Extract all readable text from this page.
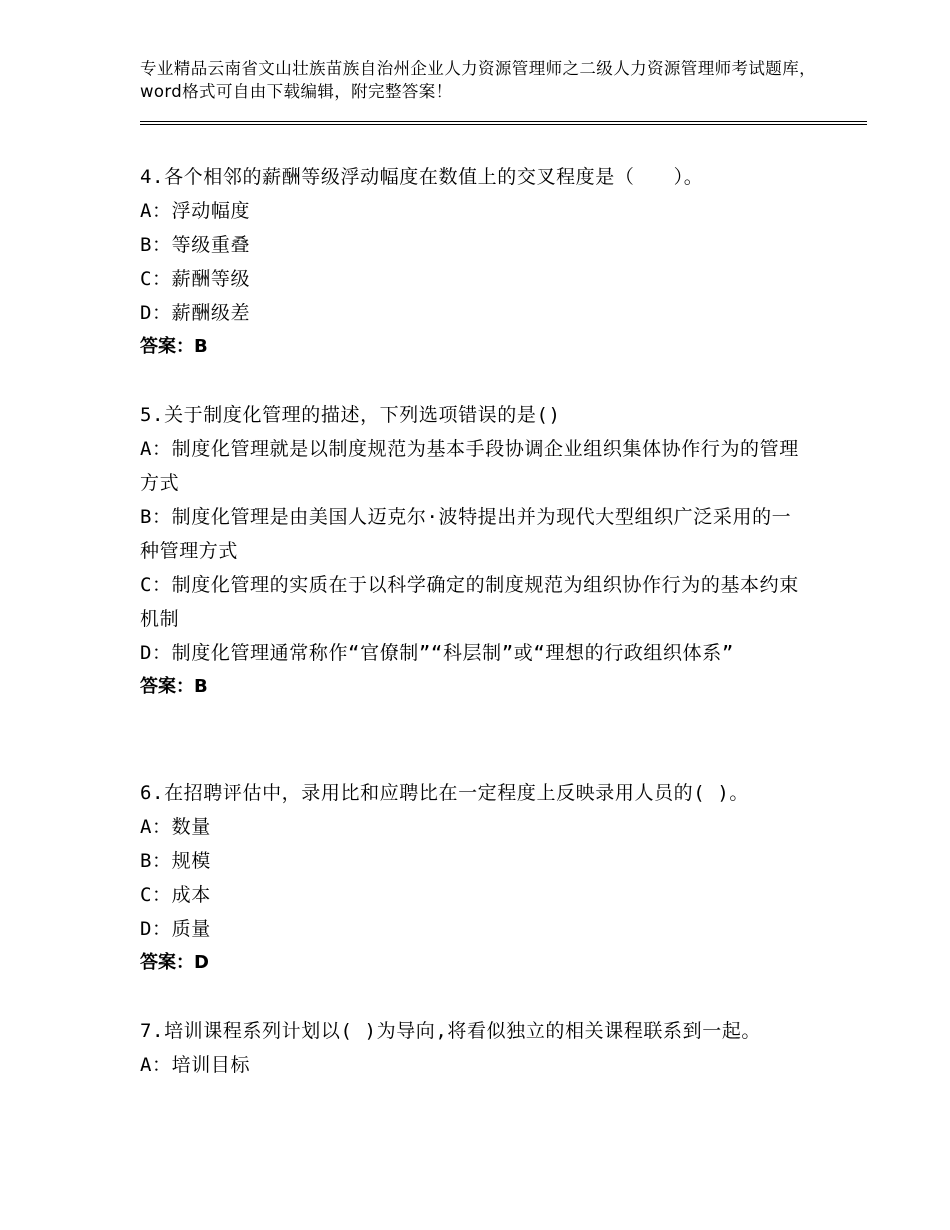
专业精品云南省文山壮族苗族自治州企业人力资源管理师之二级人力资源管理师考试题库，word格式可自由下载编辑，附完整答案！
4.各个相邻的薪酬等级浮动幅度在数值上的交叉程度是（　　）。
A：浮动幅度
B：等级重叠
C：薪酬等级
D：薪酬级差
答案：B
5.关于制度化管理的描述，下列选项错误的是()
A：制度化管理就是以制度规范为基本手段协调企业组织集体协作行为的管理方式
B：制度化管理是由美国人迈克尔·波特提出并为现代大型组织广泛采用的一种管理方式
C：制度化管理的实质在于以科学确定的制度规范为组织协作行为的基本约束机制
D：制度化管理通常称作“官僚制”“科层制”或“理想的行政组织体系”
答案：B
6.在招聘评估中，录用比和应聘比在一定程度上反映录用人员的( )。
A：数量
B：规模
C：成本
D：质量
答案：D
7.培训课程系列计划以( )为导向,将看似独立的相关课程联系到一起。
A：培训目标
